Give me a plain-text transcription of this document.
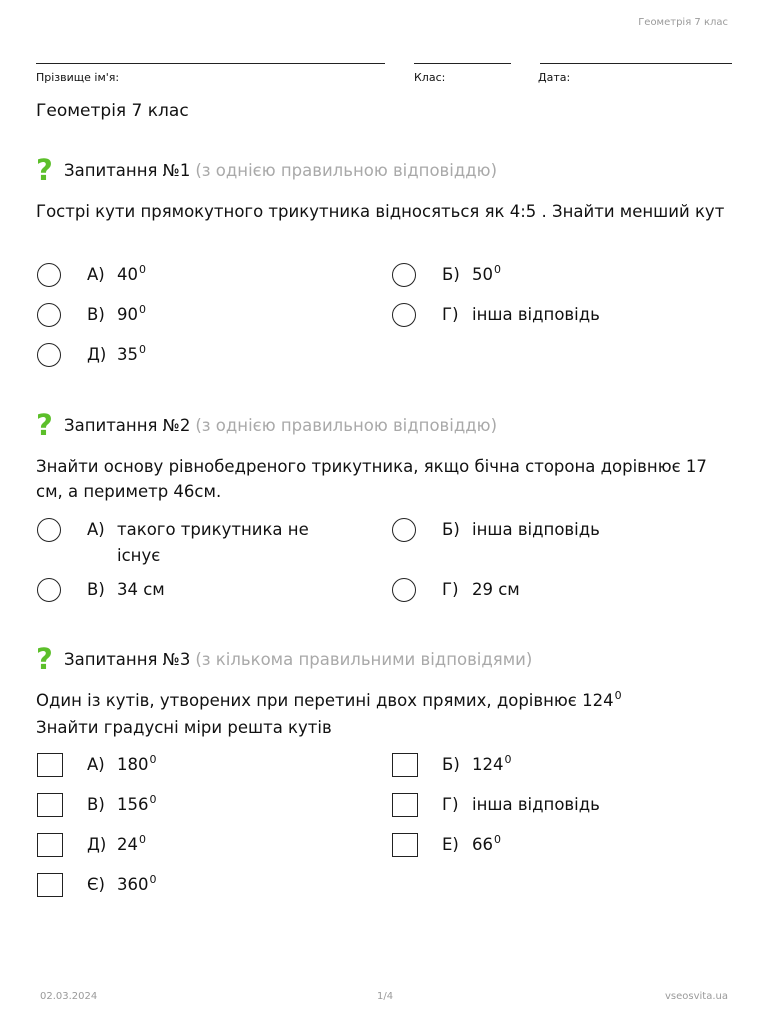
Геометрія 7 клас
Прізвище ім'я:	Клас:	Дата:
Геометрія 7 клас
? Запитання №1 (з однією правильною відповіддю)
Гострі кути прямокутного трикутника відносяться як 4:5 . Знайти менший кут
А) $40^0$	Б) $50^0$
В) $90^0$	Г) інша відповідь
Д) $35^0$
? Запитання №2 (з однією правильною відповіддю)
Знайти основу рівнобедреного трикутника, якщо бічна сторона дорівнює 17 см, а периметр 46см.
А) такого трикутника не існує
Б) інша відповідь
В) 34 см	Г) 29 см
? Запитання №3 (з кількома правильними відповідями)
Один із кутів, утворених при перетині двох прямих, дорівнює $124^0$
Знайти градусні міри решта кутів
А) $180^0$	Б) $124^0$
В) $156^0$	Г) інша відповідь
Д) $24^0$	Е) $66^0$
Є) $360^0$
02.03.2024	1/4	vseosvita.ua
